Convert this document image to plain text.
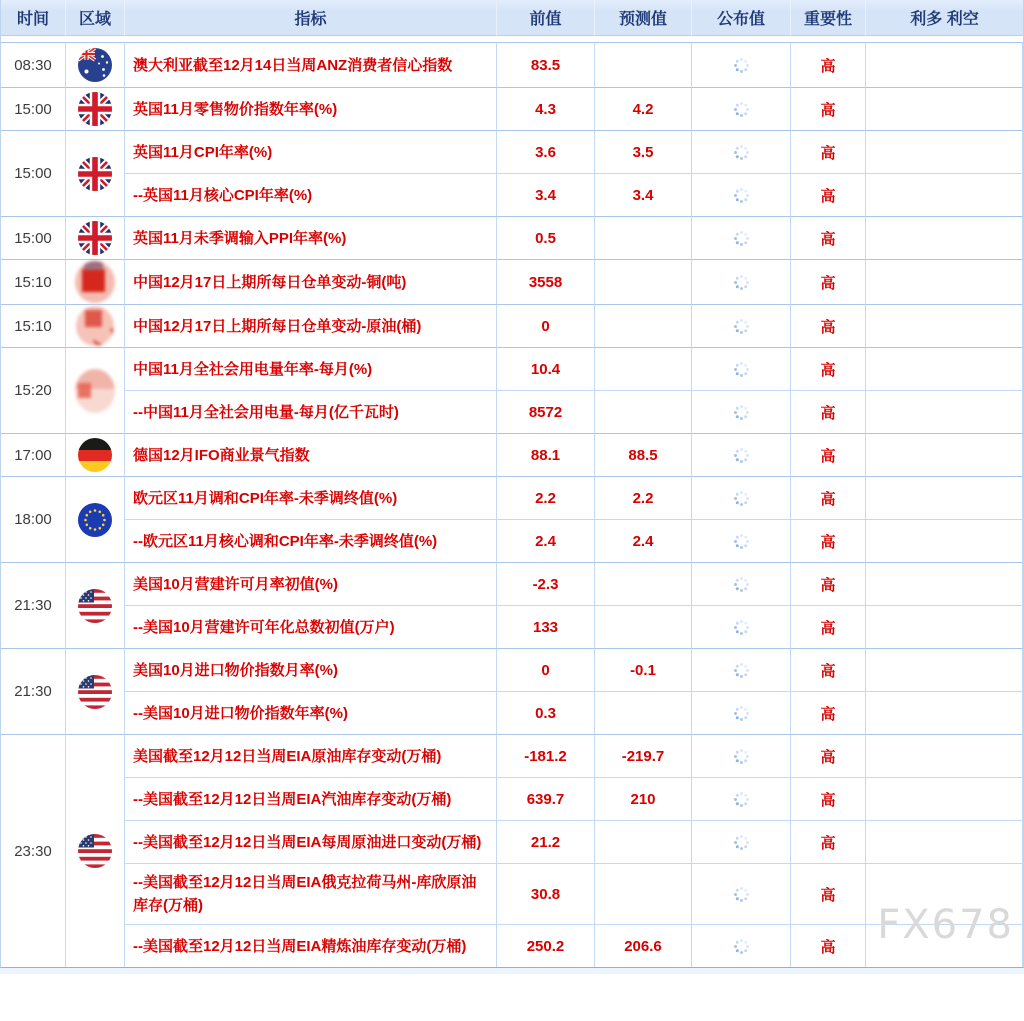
时间	区域	指标	前值	预测值	公布值	重要性	利多 利空

08:30		澳大利亚截至12月14日当周ANZ消费者信心指数	83.5			高	
15:00		英国11月零售物价指数年率(%)	4.3	4.2		高	
15:00		英国11月CPI年率(%)	3.6	3.5		高	
		--英国11月核心CPI年率(%)	3.4	3.4		高	
15:00		英国11月未季调输入PPI年率(%)	0.5			高	
15:10		中国12月17日上期所每日仓单变动-铜(吨)	3558			高	
15:10		中国12月17日上期所每日仓单变动-原油(桶)	0			高	
15:20		中国11月全社会用电量年率-每月(%)	10.4			高	
		--中国11月全社会用电量-每月(亿千瓦时)	8572			高	
17:00		德国12月IFO商业景气指数	88.1	88.5		高	
18:00		欧元区11月调和CPI年率-未季调终值(%)	2.2	2.2		高	
		--欧元区11月核心调和CPI年率-未季调终值(%)	2.4	2.4		高	
21:30		美国10月营建许可月率初值(%)	-2.3			高	
		--美国10月营建许可年化总数初值(万户)	133			高	
21:30		美国10月进口物价指数月率(%)	0	-0.1		高	
		--美国10月进口物价指数年率(%)	0.3			高	
23:30		美国截至12月12日当周EIA原油库存变动(万桶)	-181.2	-219.7		高	
		--美国截至12月12日当周EIA汽油库存变动(万桶)	639.7	210		高	
		--美国截至12月12日当周EIA每周原油进口变动(万桶)	21.2			高	
		--美国截至12月12日当周EIA俄克拉荷马州-库欣原油库存(万桶)	30.8			高	
		--美国截至12月12日当周EIA精炼油库存变动(万桶)	250.2	206.6		高	FX678
